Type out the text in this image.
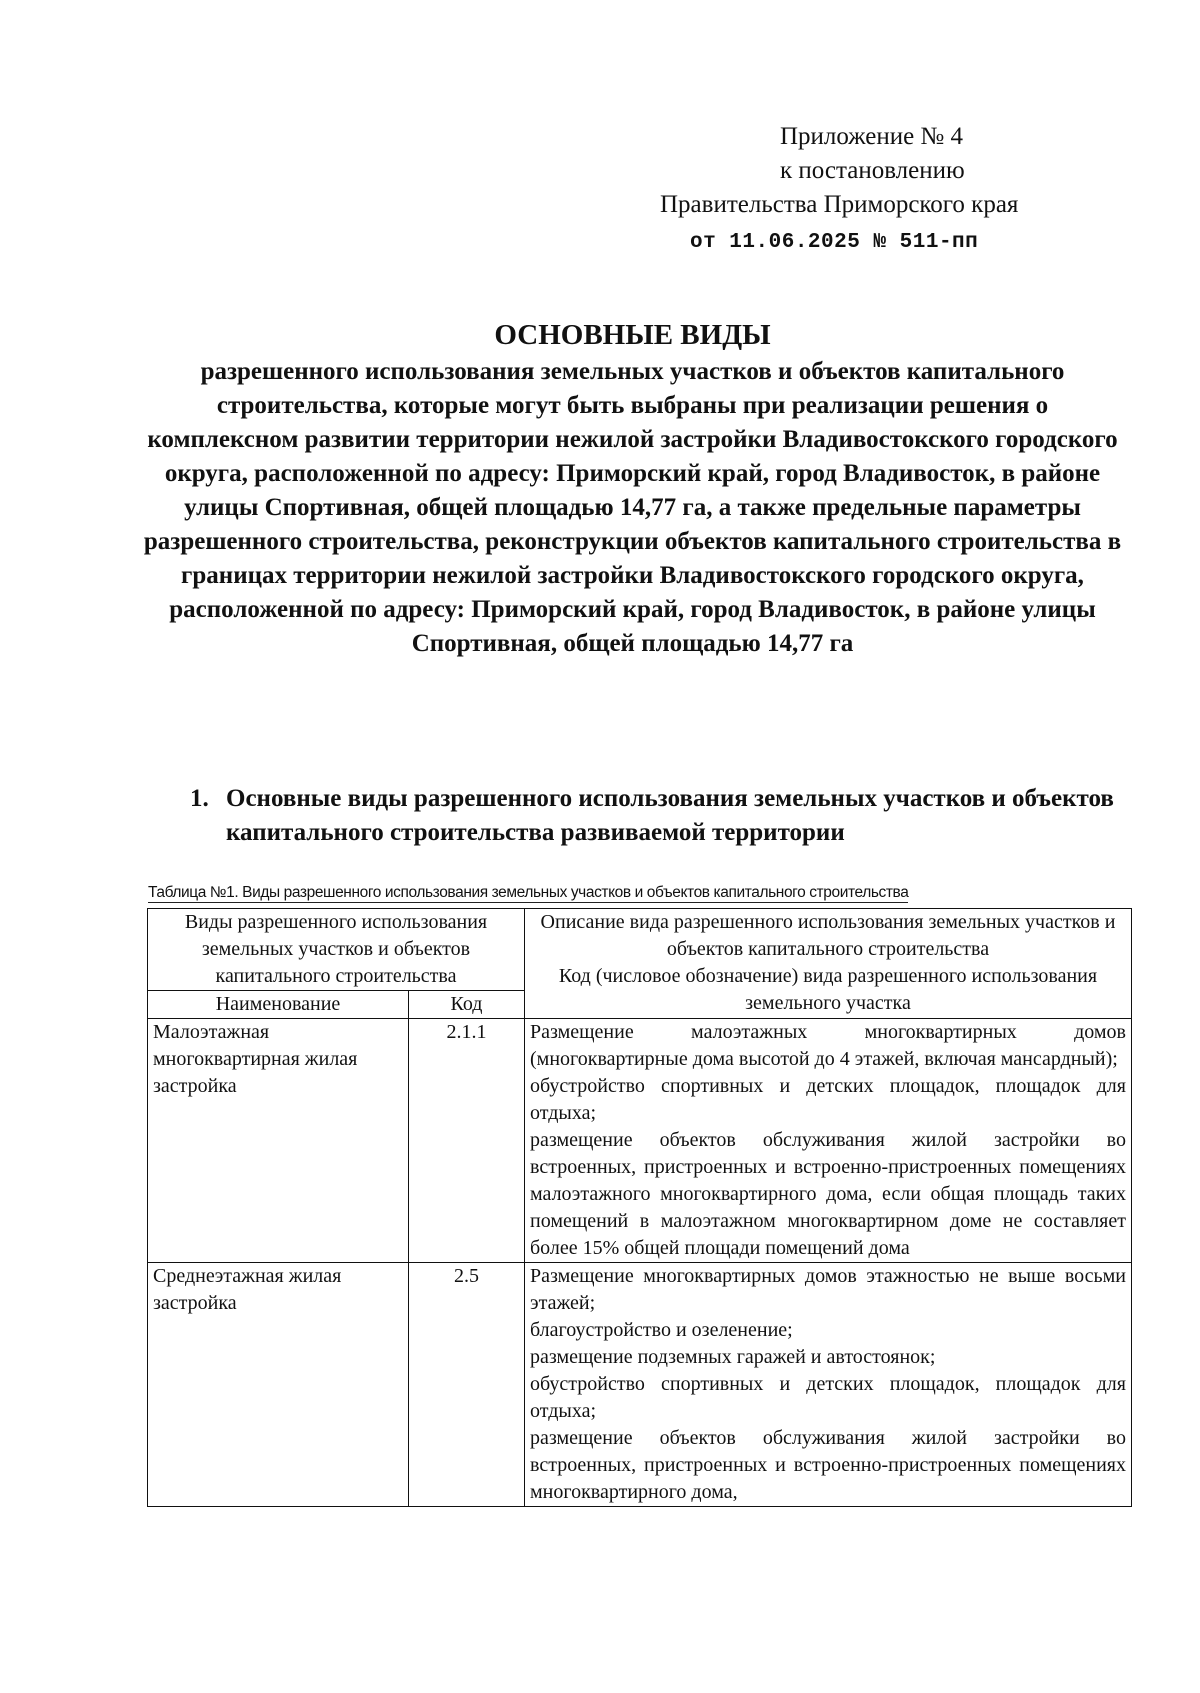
Приложение № 4
к постановлению
Правительства Приморского края
от 11.06.2025 № 511-пп
ОСНОВНЫЕ ВИДЫ
разрешенного использования земельных участков и объектов капитального строительства, которые могут быть выбраны при реализации решения о комплексном развитии территории нежилой застройки Владивостокского городского округа, расположенной по адресу: Приморский край, город Владивосток, в районе улицы Спортивная, общей площадью 14,77 га, а также предельные параметры разрешенного строительства, реконструкции объектов капитального строительства в границах территории нежилой застройки Владивостокского городского округа, расположенной по адресу: Приморский край, город Владивосток, в районе улицы Спортивная, общей площадью 14,77 га
1. Основные виды разрешенного использования земельных участков и объектов капитального строительства развиваемой территории
Таблица №1. Виды разрешенного использования земельных участков и объектов капитального строительства
Виды разрешенного использования земельных участков и объектов капитального строительства		Описание вида разрешенного использования земельных участков и объектов капитального строительства
Код (числовое обозначение) вида разрешенного использования земельного участка

Наименование	Код	
Малоэтажная многоквартирная жилая застройка	2.1.1	Размещение малоэтажных многоквартирных домов (многоквартирные дома высотой до 4 этажей, включая мансардный);

обустройство спортивных и детских площадок, площадок для отдыха;

размещение объектов обслуживания жилой застройки во встроенных, пристроенных и встроенно-пристроенных помещениях малоэтажного многоквартирного дома, если общая площадь таких помещений в малоэтажном многоквартирном доме не составляет более 15% общей площади помещений дома

Среднеэтажная жилая застройка	2.5	Размещение многоквартирных домов этажностью не выше восьми этажей;

благоустройство и озеленение;

размещение подземных гаражей и автостоянок;

обустройство спортивных и детских площадок, площадок для отдыха;

размещение объектов обслуживания жилой застройки во встроенных, пристроенных и встроенно-пристроенных помещениях многоквартирного дома,
